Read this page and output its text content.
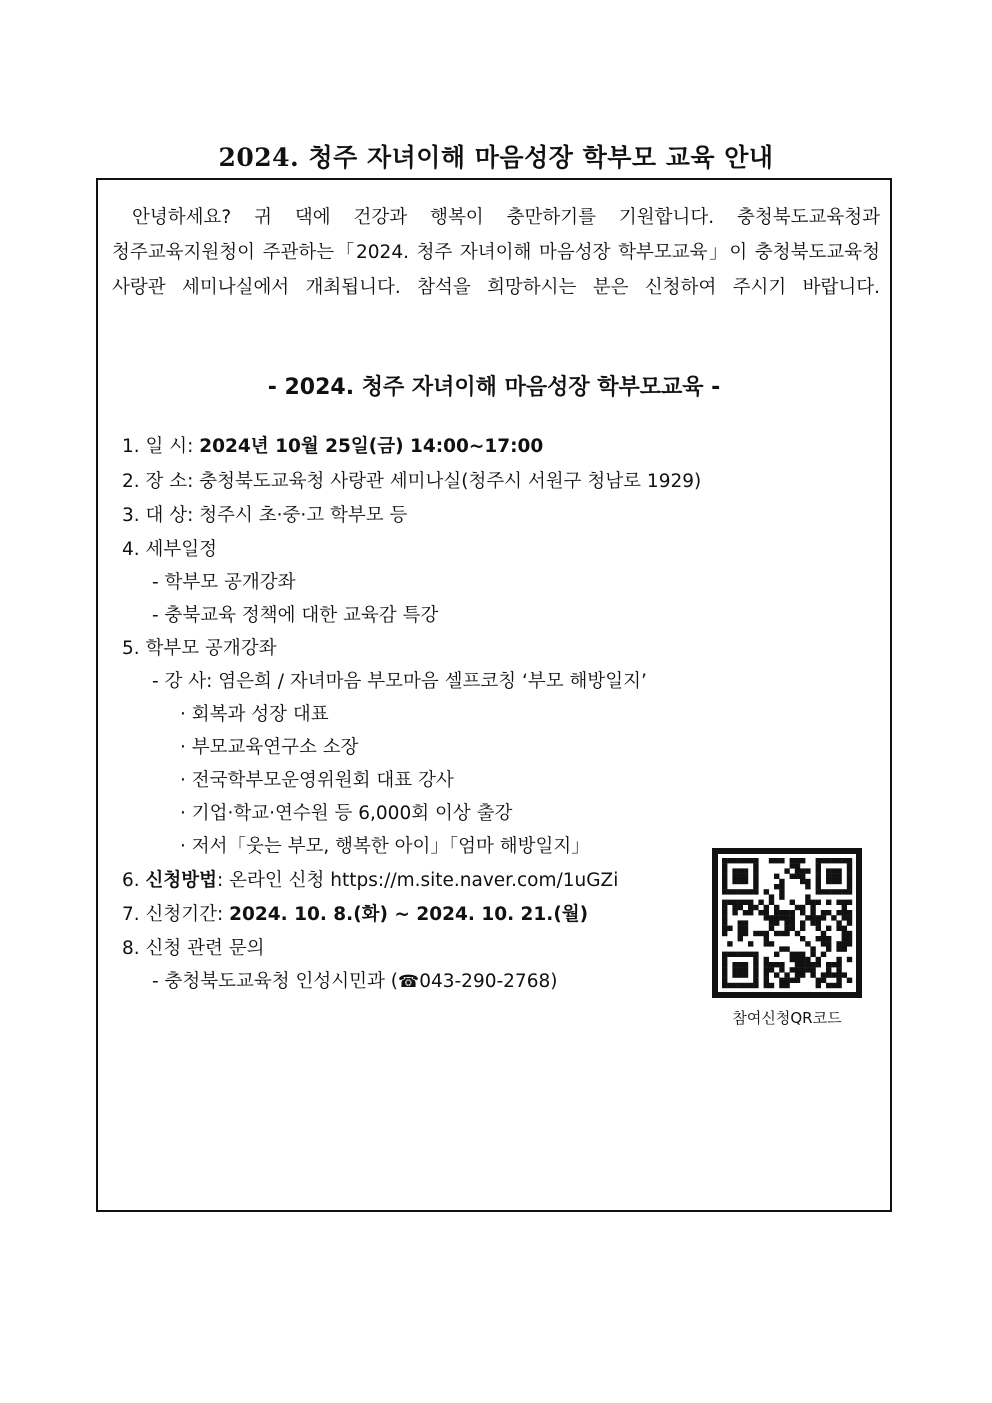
2024. 청주 자녀이해 마음성장 학부모 교육 안내

안녕하세요? 귀 댁에 건강과 행복이 충만하기를 기원합니다. 충청북도교육청과
청주교육지원청이 주관하는「2024. 청주 자녀이해 마음성장 학부모교육」이 충청북도교육청
사랑관 세미나실에서 개최됩니다. 참석을 희망하시는 분은 신청하여 주시기 바랍니다.

- 2024. 청주 자녀이해 마음성장 학부모교육 -
1. 일 시: 2024년 10월 25일(금) 14:00~17:00
2. 장 소: 충청북도교육청 사랑관 세미나실(청주시 서원구 청남로 1929)
3. 대 상: 청주시 초·중·고 학부모 등
4. 세부일정
- 학부모 공개강좌
- 충북교육 정책에 대한 교육감 특강
5. 학부모 공개강좌
- 강 사: 염은희 / 자녀마음 부모마음 셀프코칭 ‘부모 해방일지’
· 회복과 성장 대표
· 부모교육연구소 소장
· 전국학부모운영위원회 대표 강사
· 기업·학교·연수원 등 6,000회 이상 출강
· 저서「웃는 부모, 행복한 아이」「엄마 해방일지」
6. 신청방법: 온라인 신청 https://m.site.naver.com/1uGZi
7. 신청기간: 2024. 10. 8.(화) ~ 2024. 10. 21.(월)
8. 신청 관련 문의
- 충청북도교육청 인성시민과 (☎043-290-2768)
참여신청QR코드
